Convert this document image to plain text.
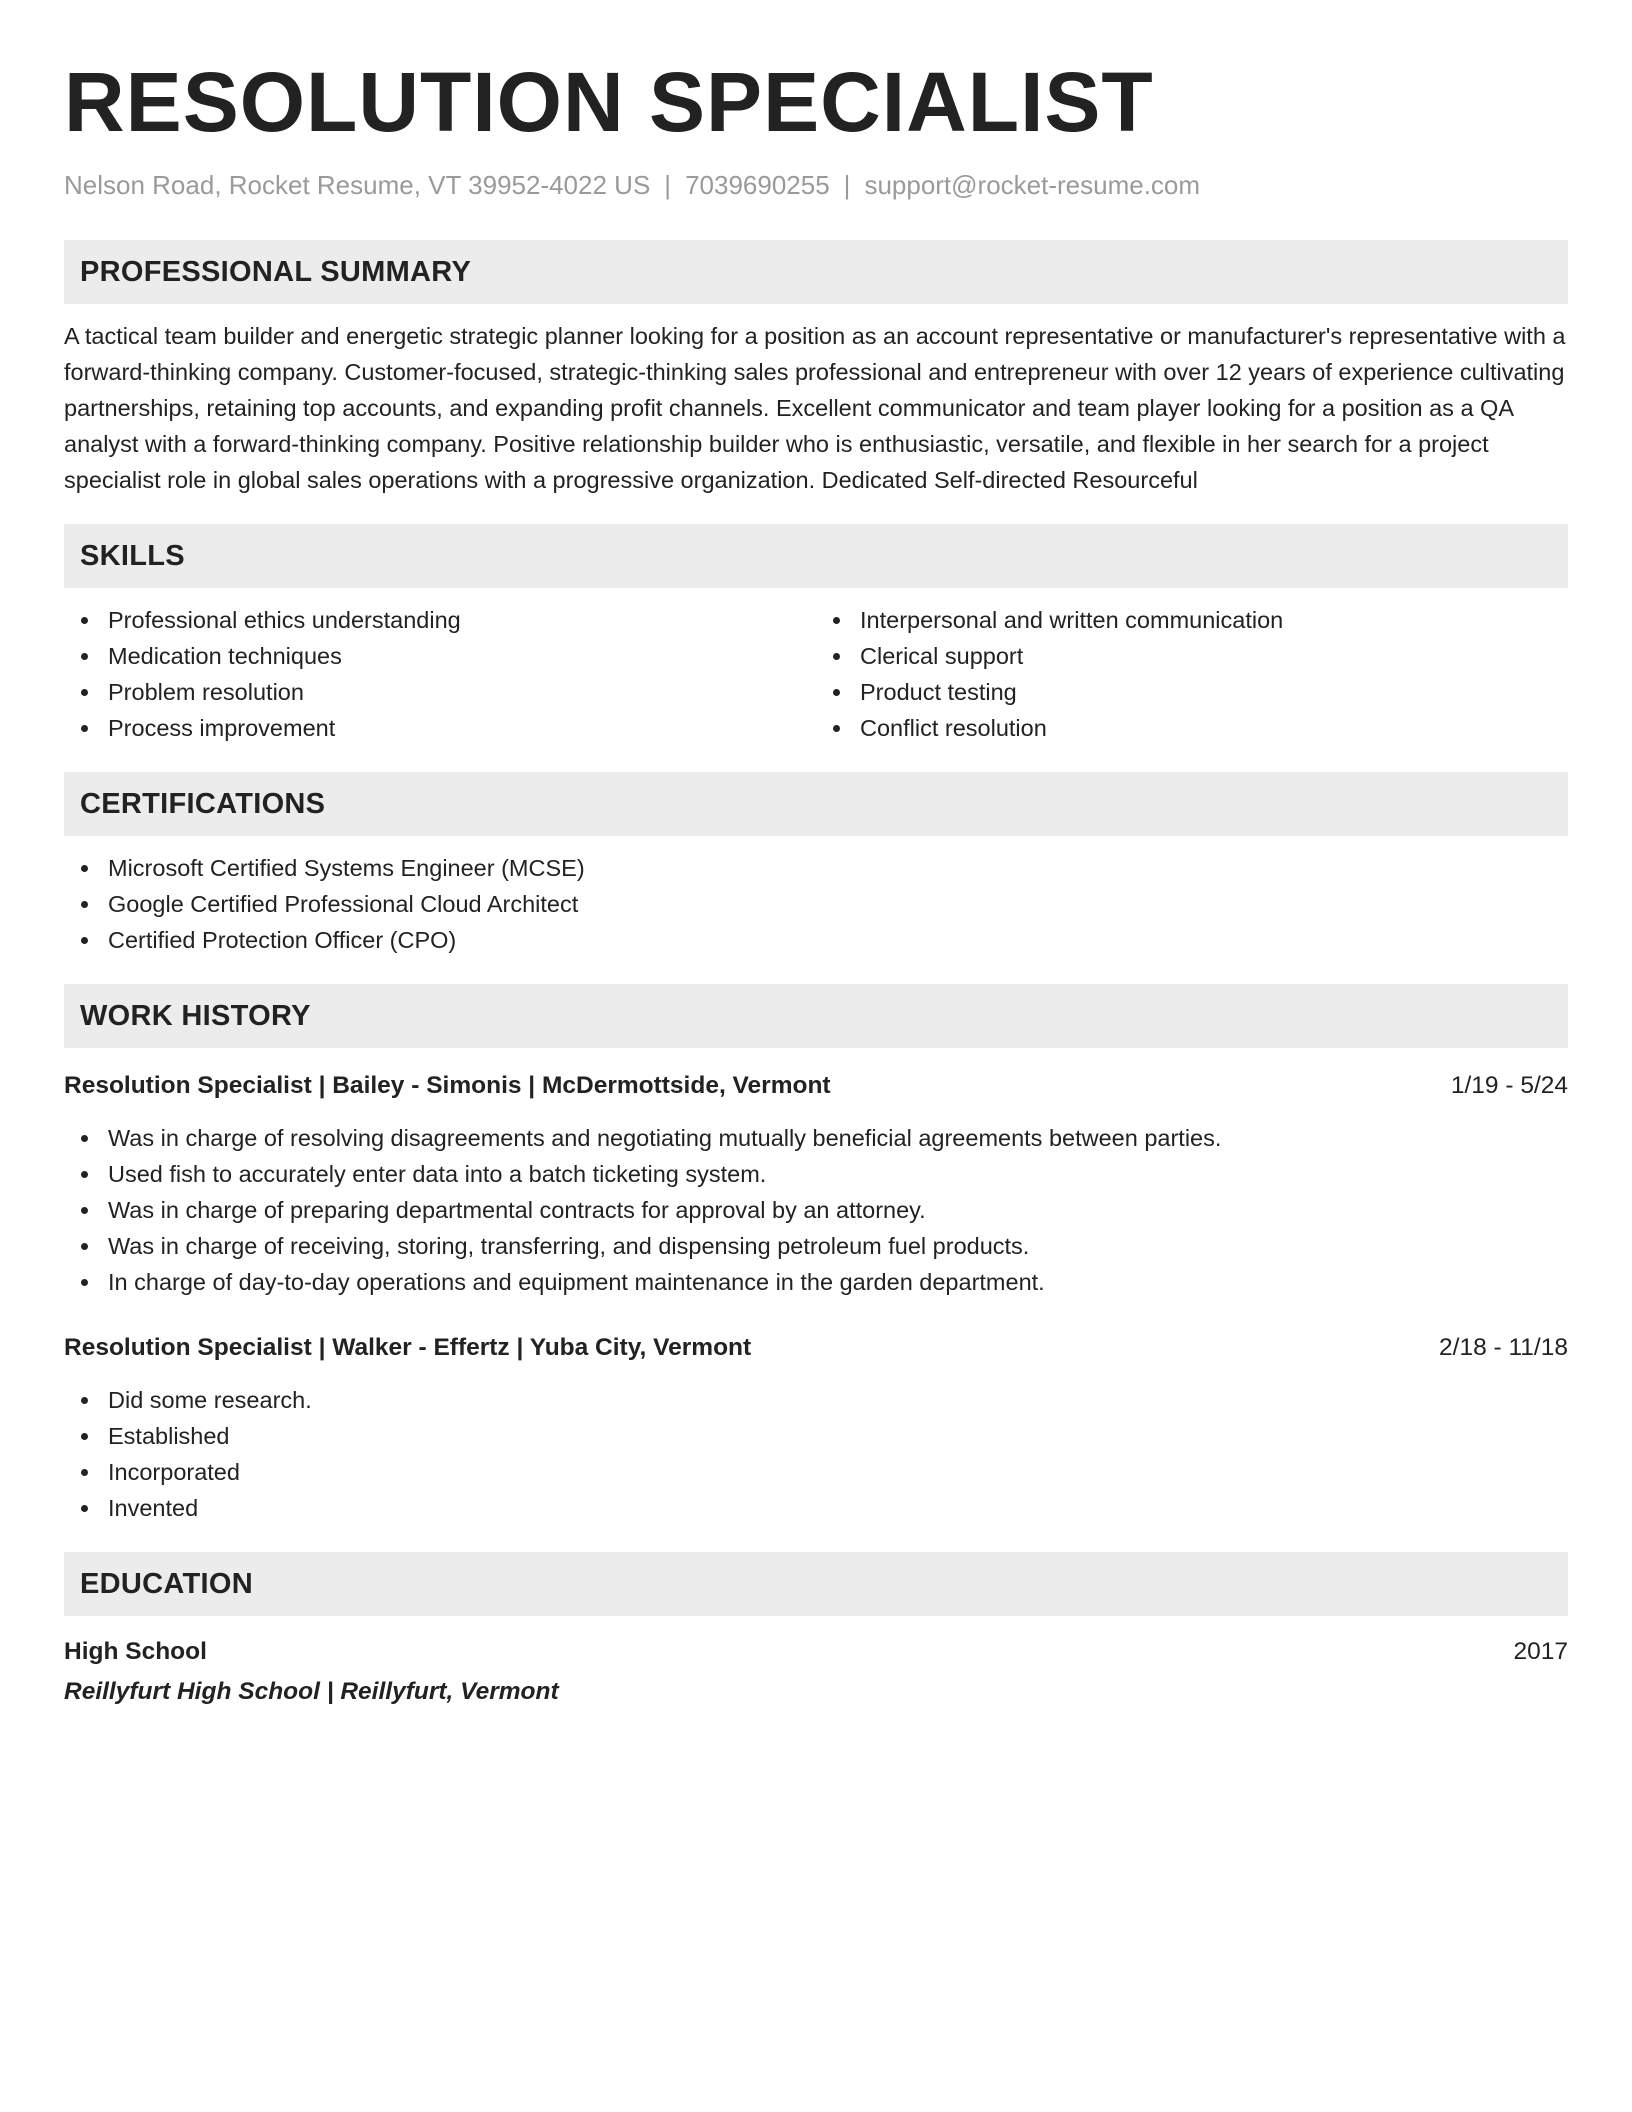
RESOLUTION SPECIALIST
Nelson Road, Rocket Resume, VT 39952-4022 US | 7039690255 | support@rocket-resume.com
PROFESSIONAL SUMMARY

A tactical team builder and energetic strategic planner looking for a position as an account representative or manufacturer's representative with a forward-thinking company. Customer-focused, strategic-thinking sales professional and entrepreneur with over 12 years of experience cultivating partnerships, retaining top accounts, and expanding profit channels. Excellent communicator and team player looking for a position as a QA analyst with a forward-thinking company. Positive relationship builder who is enthusiastic, versatile, and flexible in her search for a project specialist role in global sales operations with a progressive organization. Dedicated Self-directed Resourceful

SKILLS
Professional ethics understanding
Medication techniques
Problem resolution
Process improvement
Interpersonal and written communication
Clerical support
Product testing
Conflict resolution
CERTIFICATIONS
Microsoft Certified Systems Engineer (MCSE)
Google Certified Professional Cloud Architect
Certified Protection Officer (CPO)
WORK HISTORY
Resolution Specialist | Bailey - Simonis | McDermottside, Vermont	1/19 - 5/24
Was in charge of resolving disagreements and negotiating mutually beneficial agreements between parties.
Used fish to accurately enter data into a batch ticketing system.
Was in charge of preparing departmental contracts for approval by an attorney.
Was in charge of receiving, storing, transferring, and dispensing petroleum fuel products.
In charge of day-to-day operations and equipment maintenance in the garden department.
Resolution Specialist | Walker - Effertz | Yuba City, Vermont	2/18 - 11/18
Did some research.
Established
Incorporated
Invented
EDUCATION
High School	2017
Reillyfurt High School | Reillyfurt, Vermont
